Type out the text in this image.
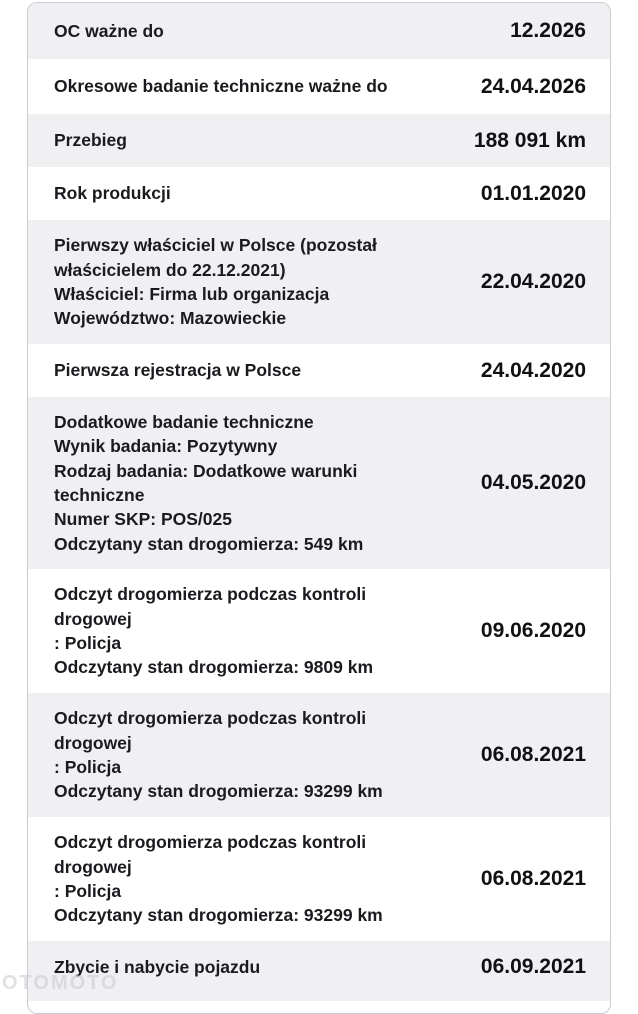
OC ważne do	12.2026
Okresowe badanie techniczne ważne do	24.04.2026
Przebieg	188 091 km
Rok produkcji	01.01.2020
Pierwszy właściciel w Polsce (pozostał
właścicielem do 22.12.2021)
Właściciel: Firma lub organizacja
Województwo: Mazowieckie
22.04.2020
Pierwsza rejestracja w Polsce	24.04.2020
Dodatkowe badanie techniczne
Wynik badania: Pozytywny
Rodzaj badania: Dodatkowe warunki
techniczne
Numer SKP: POS/025
Odczytany stan drogomierza: 549 km
04.05.2020
Odczyt drogomierza podczas kontroli
drogowej
: Policja
Odczytany stan drogomierza: 9809 km
09.06.2020
Odczyt drogomierza podczas kontroli
drogowej
: Policja
Odczytany stan drogomierza: 93299 km
06.08.2021
Odczyt drogomierza podczas kontroli
drogowej
: Policja
Odczytany stan drogomierza: 93299 km
06.08.2021
Zbycie i nabycie pojazdu	06.09.2021
OTOMOTO
